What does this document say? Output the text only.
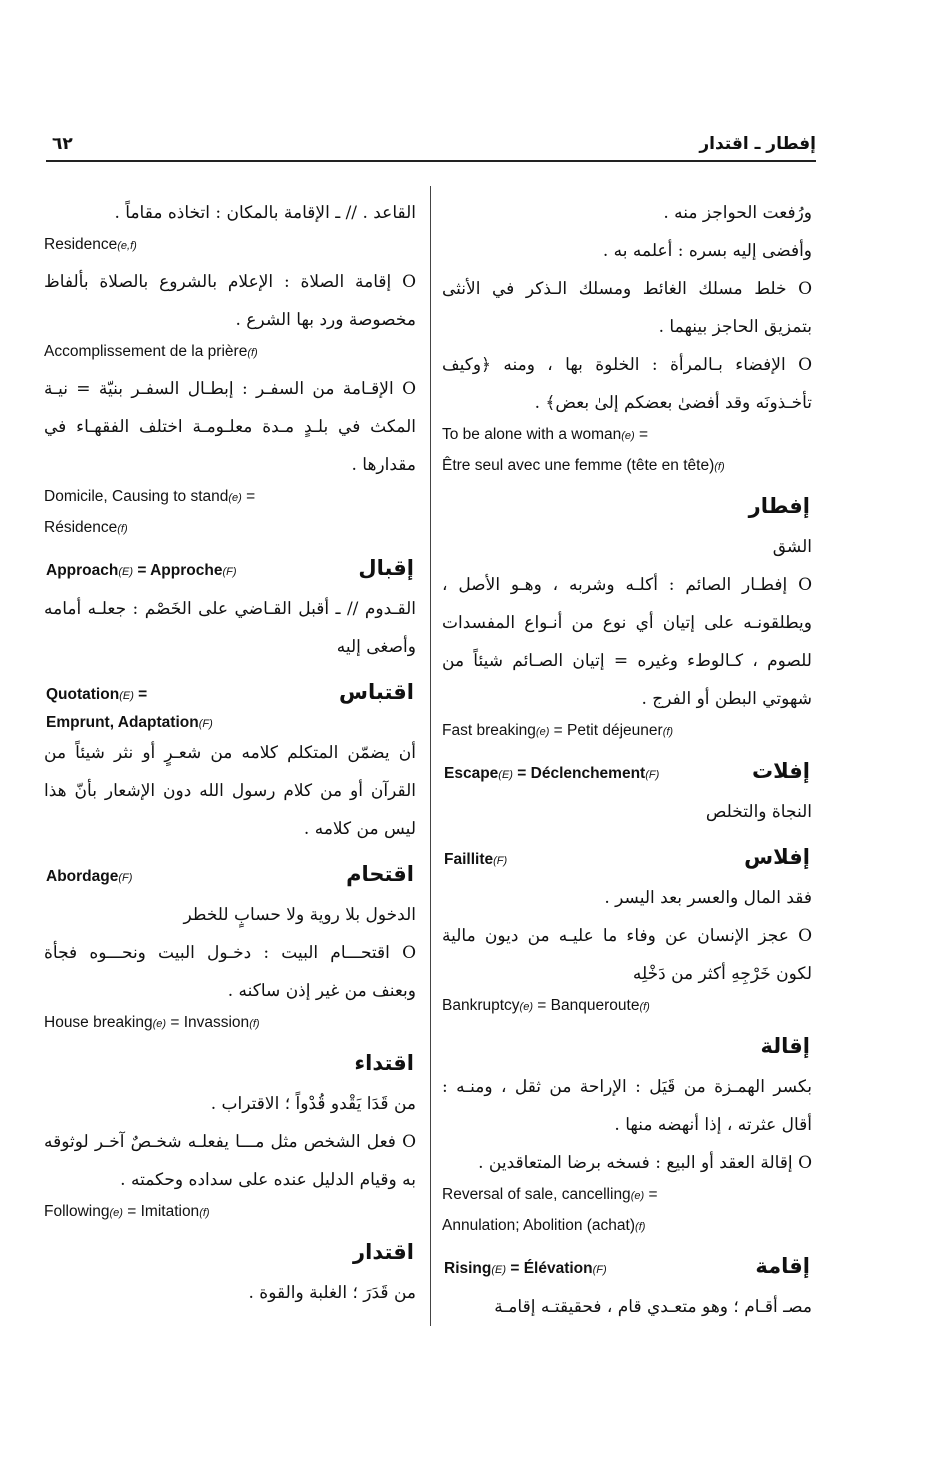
إفطار ـ اقتدار
٦٢

ورُفعت الحواجز منه .

وأفضى إليه بسره : أعلمه به .

O خلط مسلك الغائط ومسلك الـذكر في الأنثى بتمزيق الحاجز بينهما .

O الإفضاء بـالمرأة : الخلوة بها ، ومنه ﴿وكيف تأخـذونَه وقد أفضىٰ بعضكم إلىٰ بعض﴾ .

To be alone with a woman(e) =

Être seul avec une femme (tête en tête)(f)

إفطار

الشق

O إفطـار الصائم : أكلـه وشربه ، وهـو الأصل ، ويطلقونـه على إتيان أي نوع من أنـواع المفسدات للصوم ، كـالوطء وغيره = إتيان الصـائم شيئاً من شهوتي البطن أو الفرج .

Fast breaking(e) = Petit déjeuner(f)

إفلات
Escape(E) = Déclenchement(F)

النجاة والتخلص

إفلاس
Faillite(F)

فقد المال والعسر بعد اليسر .

O عجز الإنسان عن وفاء ما عليـه من ديون مالية لكون خَرْجِهِ أكثر من دَخْلِه

Bankruptcy(e) = Banqueroute(f)

إقالة

بكسر الهمـزة من قَيَل : الإراحة من ثقل ، ومنـه : أقال عثرته ، إذا أنهضه منها .

O إقالة العقد أو البيع : فسخه برضا المتعاقدين .

Reversal of sale, cancelling(e) =

Annulation; Abolition (achat)(f)

إقامة
Rising(E) = Élévation(F)

مصـ أقـام ؛ وهو متعـدي قام ، فحقيقتـه إقامـة

القاعد . // ـ الإقامة بالمكان : اتخاذه مقاماً .

Residence(e,f)

O إقامة الصلاة : الإعلام بالشروع بالصلاة بألفاظ مخصوصة ورد بها الشرع .

Accomplissement de la prière(f)

O الإقـامة من السفـر : إبطـال السفـر بنيّة = نيـة المكث في بلـدٍ مـدة معلـومـة اختلف الفقهـاء في مقدارها .

Domicile, Causing to stand(e) =

Résidence(f)

إقبال
Approach(E) = Approche(F)

القـدوم // ـ أقبل القـاضي على الخَصْم : جعلـه أمامه وأصغى إليه

اقتباس
Quotation(E) =
Emprunt, Adaptation(F)

أن يضمّن المتكلم كلامه من شعـرٍ أو نثر شيئاً من القرآن أو من كلام رسول الله دون الإشعار بأنّ هذا ليس من كلامه .

اقتحام
Abordage(F)

الدخول بلا روية ولا حسابٍ للخطر

O اقتحـــام البيت : دخـول البيت ونحـــوه فجأة وبعنف من غير إذن ساكنه .

House breaking(e) = Invassion(f)

اقتداء

من قَدَا يَقْدو قُدْواً ؛ الاقتراب .

O فعل الشخص مثل مـــا يفعلـه شخـصٌ آخـر لوثوقه به وقيام الدليل عنده على سداده وحكمته .

Following(e) = Imitation(f)

اقتدار

من قَدَرَ ؛ الغلبة والقوة .
